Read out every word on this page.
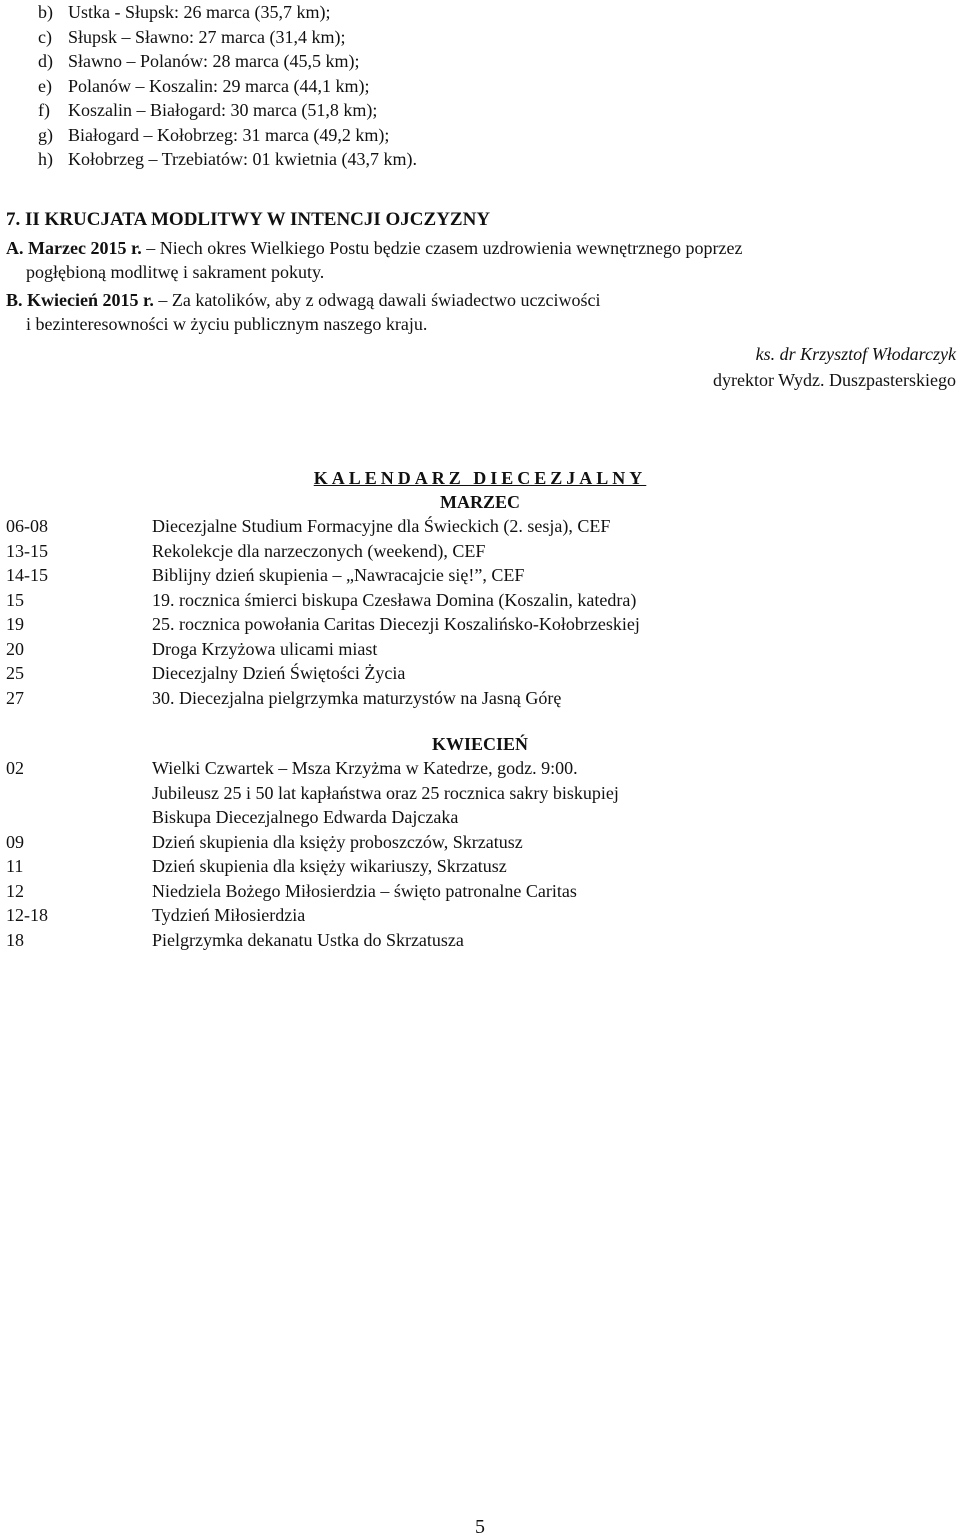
b) Ustka - Słupsk: 26 marca (35,7 km);
c) Słupsk – Sławno: 27 marca (31,4 km);
d) Sławno – Polanów: 28 marca (45,5 km);
e) Polanów – Koszalin: 29 marca (44,1 km);
f) Koszalin – Białogard: 30 marca (51,8 km);
g) Białogard – Kołobrzeg: 31 marca (49,2 km);
h) Kołobrzeg – Trzebiatów: 01 kwietnia (43,7 km).
7. II KRUCJATA MODLITWY W INTENCJI OJCZYZNY
A. Marzec 2015 r. – Niech okres Wielkiego Postu będzie czasem uzdrowienia wewnętrznego poprzez
pogłębioną modlitwę i sakrament pokuty.
B. Kwiecień 2015 r. – Za katolików, aby z odwagą dawali świadectwo uczciwości
i bezinteresowności w życiu publicznym naszego kraju.
ks. dr Krzysztof Włodarczyk
dyrektor Wydz. Duszpasterskiego
KALENDARZ DIECEZJALNY
MARZEC
06-08	Diecezjalne Studium Formacyjne dla Świeckich (2. sesja), CEF
13-15	Rekolekcje dla narzeczonych (weekend), CEF
14-15	Biblijny dzień skupienia – „Nawracajcie się!”, CEF
15	19. rocznica śmierci biskupa Czesława Domina (Koszalin, katedra)
19	25. rocznica powołania Caritas Diecezji Koszalińsko-Kołobrzeskiej
20	Droga Krzyżowa ulicami miast
25	Diecezjalny Dzień Świętości Życia
27	30. Diecezjalna pielgrzymka maturzystów na Jasną Górę
KWIECIEŃ
02	Wielki Czwartek – Msza Krzyżma w Katedrze, godz. 9:00.
Jubileusz 25 i 50 lat kapłaństwa oraz 25 rocznica sakry biskupiej
Biskupa Diecezjalnego Edwarda Dajczaka
09	Dzień skupienia dla księży proboszczów, Skrzatusz
11	Dzień skupienia dla księży wikariuszy, Skrzatusz
12	Niedziela Bożego Miłosierdzia – święto patronalne Caritas
12-18	Tydzień Miłosierdzia
18	Pielgrzymka dekanatu Ustka do Skrzatusza
5
